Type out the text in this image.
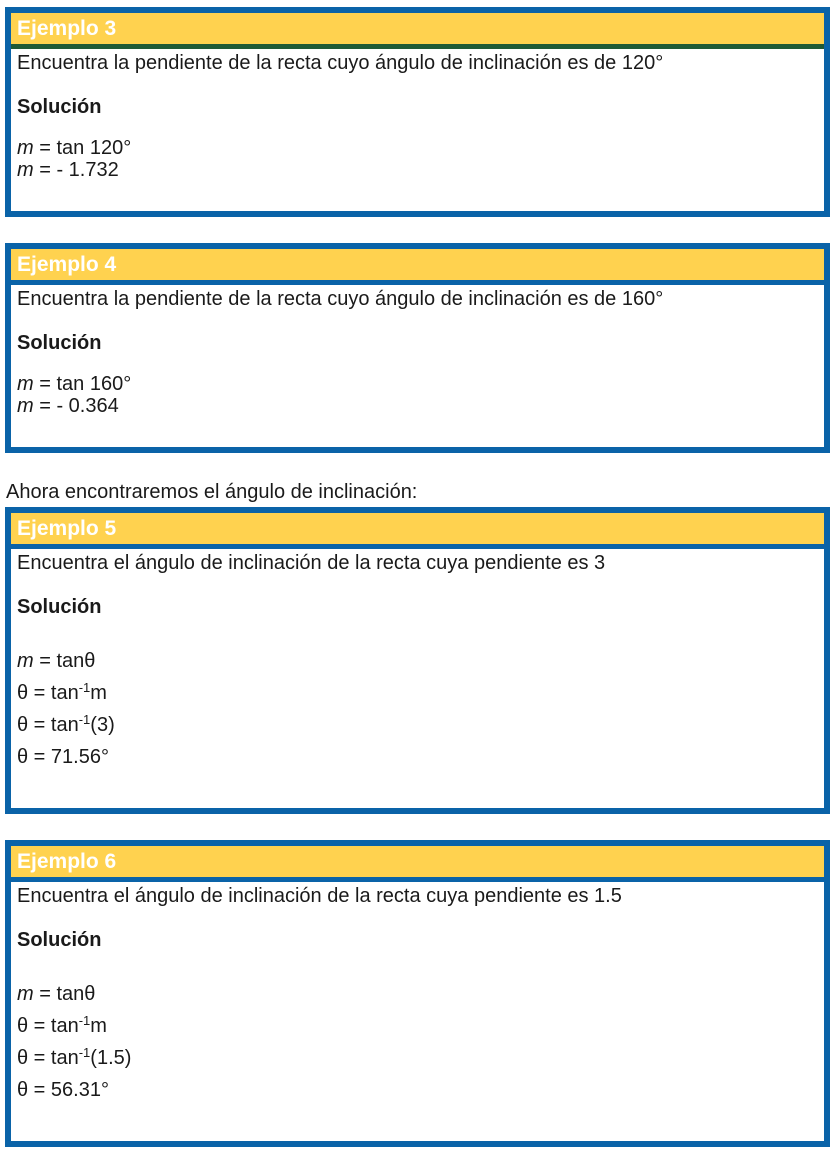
Ejemplo 3
Encuentra la pendiente de la recta cuyo ángulo de inclinación es de 120°
Solución
m = tan 120°
m = - 1.732
Ejemplo 4
Encuentra la pendiente de la recta cuyo ángulo de inclinación es de 160°
Solución
m = tan 160°
m = - 0.364
Ahora encontraremos el ángulo de inclinación:
Ejemplo 5
Encuentra el ángulo de inclinación de la recta cuya pendiente es 3
Solución
m = tanθ
$\theta = \tan^{-1}m$
$\theta = \tan^{-1}(3)$
θ = 71.56°
Ejemplo 6
Encuentra el ángulo de inclinación de la recta cuya pendiente es 1.5
Solución
m = tanθ
$\theta = \tan^{-1}m$
$\theta = \tan^{-1}(1.5)$
θ = 56.31°
